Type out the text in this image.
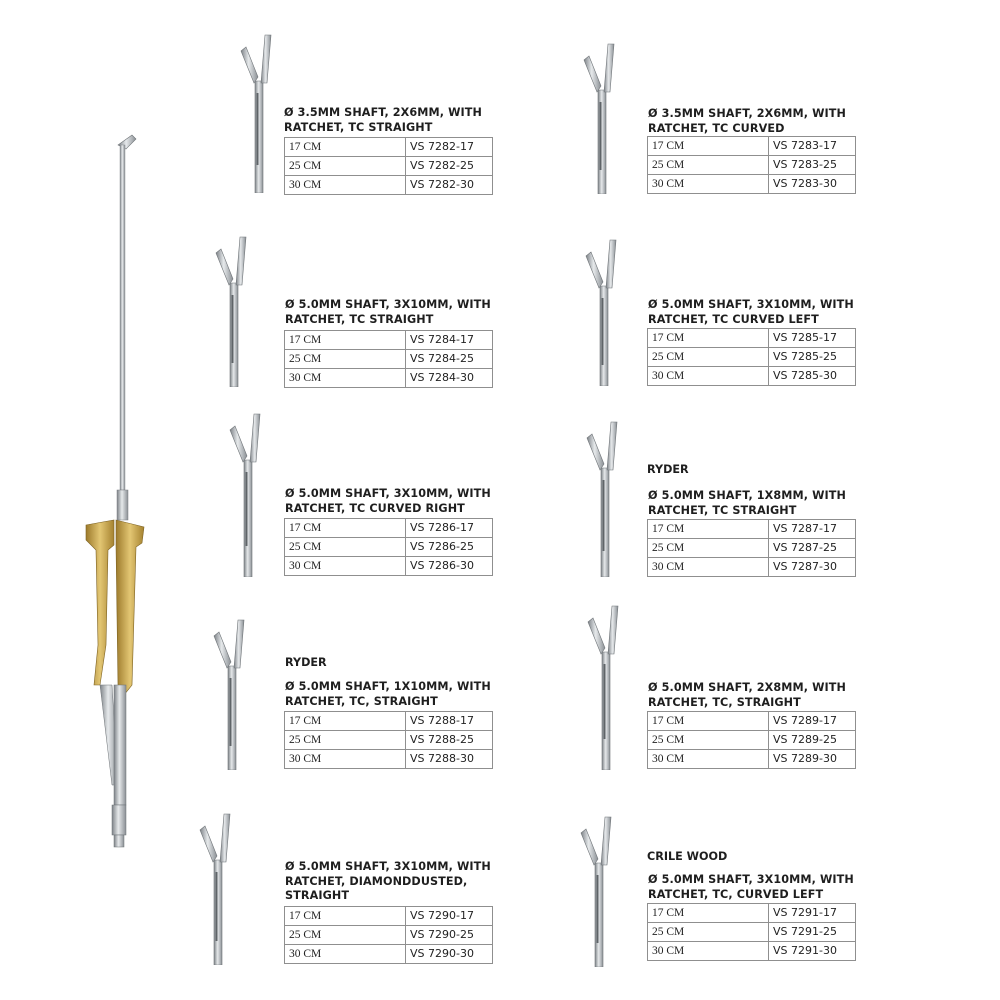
Ø 3.5MM SHAFT, 2X6MM, WITH
RATCHET, TC STRAIGHT
17 CM	VS 7282-17
25 CM	VS 7282-25
30 CM	VS 7282-30
Ø 3.5MM SHAFT, 2X6MM, WITH
RATCHET, TC CURVED
17 CM	VS 7283-17
25 CM	VS 7283-25
30 CM	VS 7283-30
Ø 5.0MM SHAFT, 3X10MM, WITH
RATCHET, TC STRAIGHT
17 CM	VS 7284-17
25 CM	VS 7284-25
30 CM	VS 7284-30
Ø 5.0MM SHAFT, 3X10MM, WITH
RATCHET, TC CURVED LEFT
17 CM	VS 7285-17
25 CM	VS 7285-25
30 CM	VS 7285-30
Ø 5.0MM SHAFT, 3X10MM, WITH
RATCHET, TC CURVED RIGHT
17 CM	VS 7286-17
25 CM	VS 7286-25
30 CM	VS 7286-30
RYDER
Ø 5.0MM SHAFT, 1X8MM, WITH
RATCHET, TC STRAIGHT
17 CM	VS 7287-17
25 CM	VS 7287-25
30 CM	VS 7287-30
RYDER
Ø 5.0MM SHAFT, 1X10MM, WITH
RATCHET, TC, STRAIGHT
17 CM	VS 7288-17
25 CM	VS 7288-25
30 CM	VS 7288-30
Ø 5.0MM SHAFT, 2X8MM, WITH
RATCHET, TC, STRAIGHT
17 CM	VS 7289-17
25 CM	VS 7289-25
30 CM	VS 7289-30
Ø 5.0MM SHAFT, 3X10MM, WITH
RATCHET, DIAMONDDUSTED,
STRAIGHT
17 CM	VS 7290-17
25 CM	VS 7290-25
30 CM	VS 7290-30
CRILE WOOD
Ø 5.0MM SHAFT, 3X10MM, WITH
RATCHET, TC, CURVED LEFT
17 CM	VS 7291-17
25 CM	VS 7291-25
30 CM	VS 7291-30
